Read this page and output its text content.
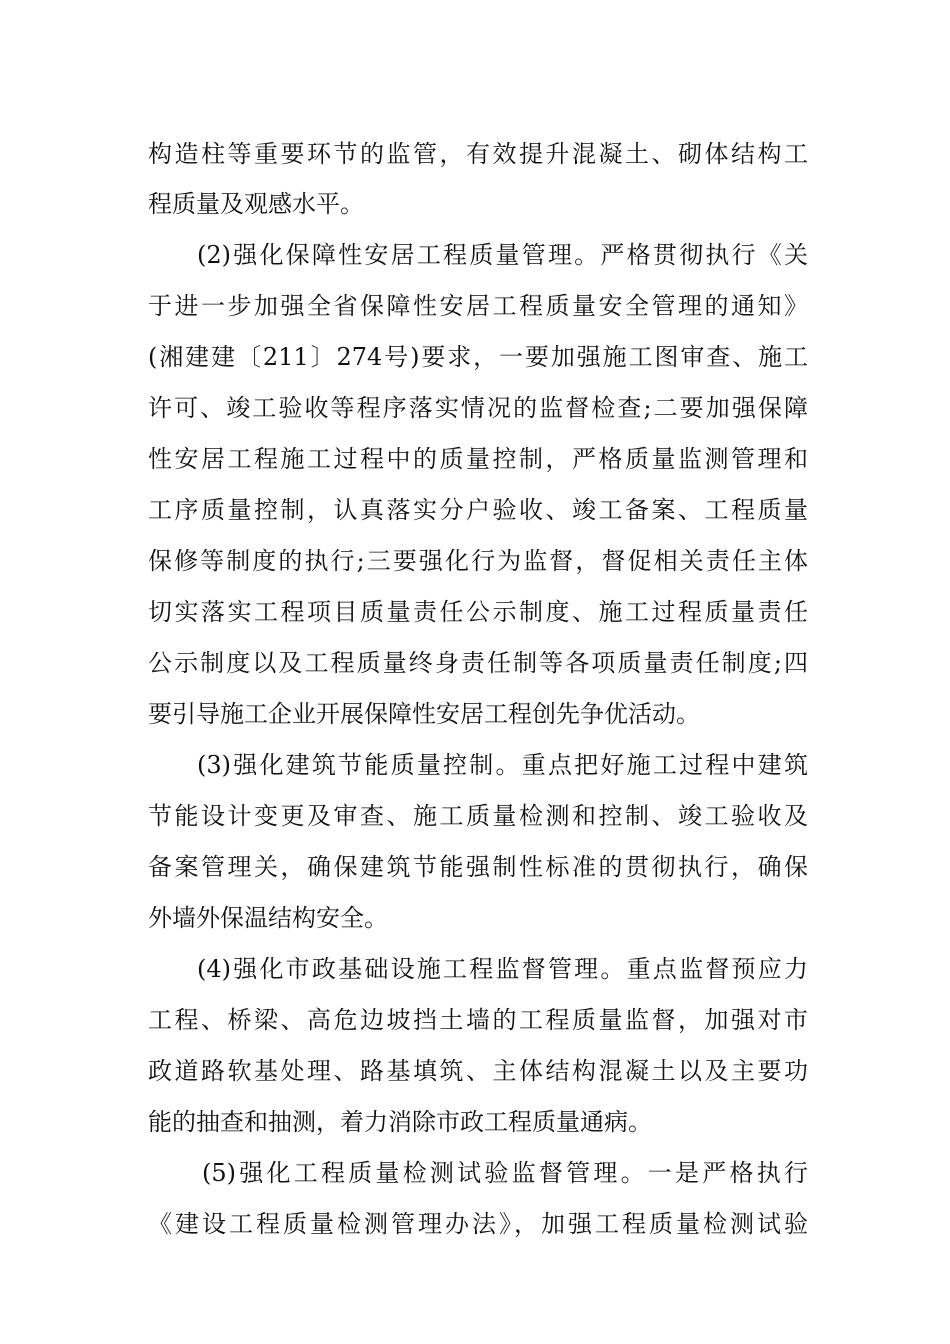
构造柱等重要环节的监管，有效提升混凝土、砌体结构工
程质量及观感水平。
(2)强化保障性安居工程质量管理。严格贯彻执行《关
于进一步加强全省保障性安居工程质量安全管理的通知》
(湘建建〔211〕274号)要求，一要加强施工图审查、施工
许可、竣工验收等程序落实情况的监督检查;二要加强保障
性安居工程施工过程中的质量控制，严格质量监测管理和
工序质量控制，认真落实分户验收、竣工备案、工程质量
保修等制度的执行;三要强化行为监督，督促相关责任主体
切实落实工程项目质量责任公示制度、施工过程质量责任
公示制度以及工程质量终身责任制等各项质量责任制度;四
要引导施工企业开展保障性安居工程创先争优活动。
(3)强化建筑节能质量控制。重点把好施工过程中建筑
节能设计变更及审查、施工质量检测和控制、竣工验收及
备案管理关，确保建筑节能强制性标准的贯彻执行，确保
外墙外保温结构安全。
(4)强化市政基础设施工程监督管理。重点监督预应力
工程、桥梁、高危边坡挡土墙的工程质量监督，加强对市
政道路软基处理、路基填筑、主体结构混凝土以及主要功
能的抽查和抽测，着力消除市政工程质量通病。
(5)强化工程质量检测试验监督管理。一是严格执行
《建设工程质量检测管理办法》，加强工程质量检测试验
